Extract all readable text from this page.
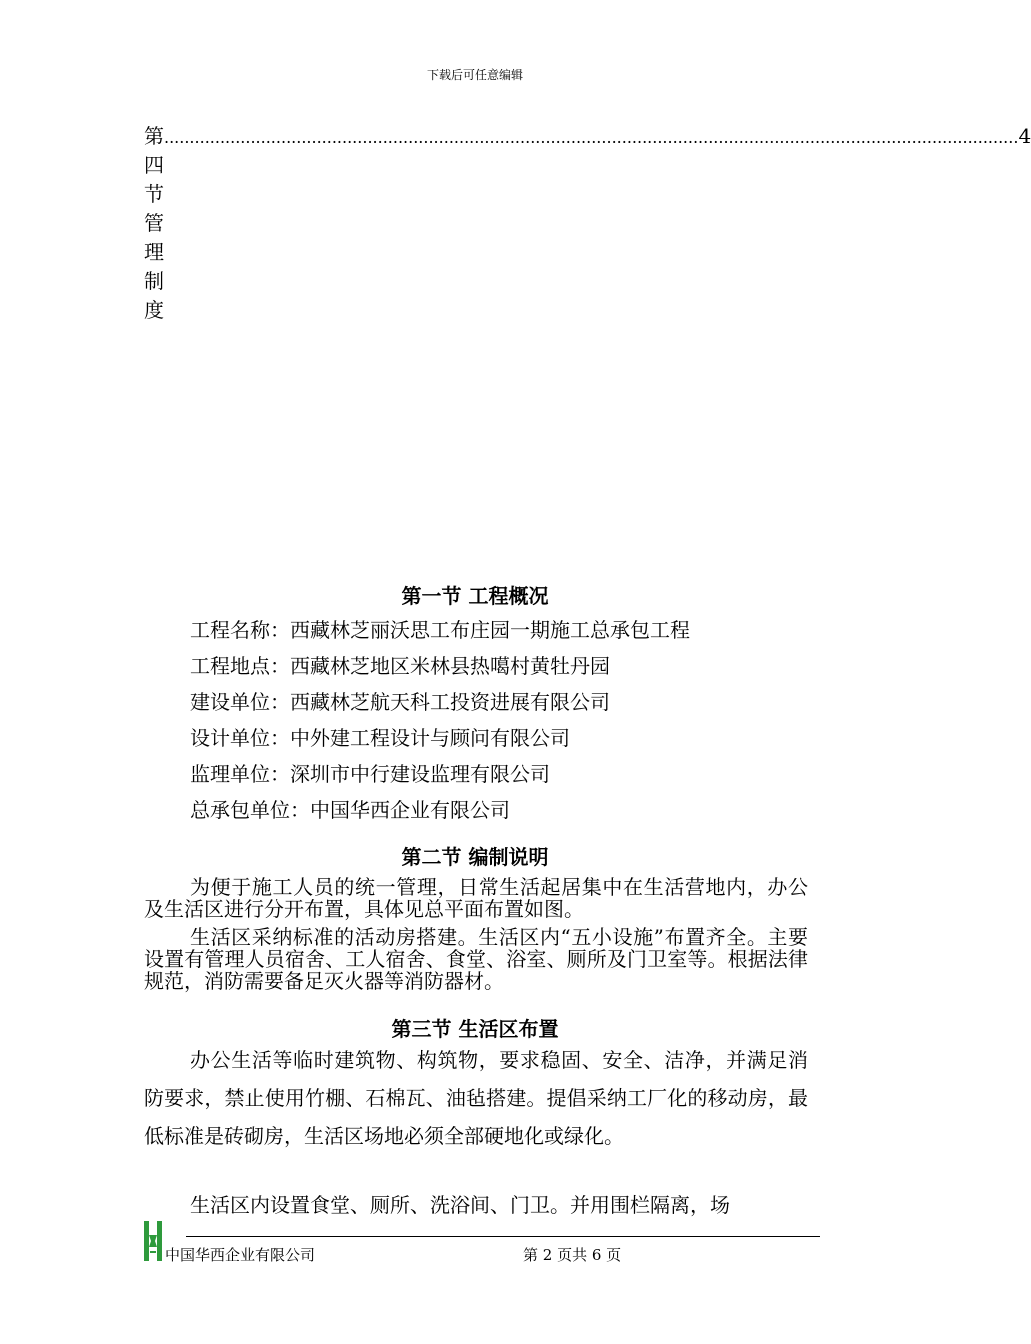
下载后可任意编辑
第四节 管理制度
........................................................................................................................................................................ 4
第一节 工程概况
工程名称：西藏林芝丽沃思工布庄园一期施工总承包工程
工程地点：西藏林芝地区米林县热噶村黄牡丹园
建设单位：西藏林芝航天科工投资进展有限公司
设计单位：中外建工程设计与顾问有限公司
监理单位：深圳市中行建设监理有限公司
总承包单位：中国华西企业有限公司
第二节 编制说明
为便于施工人员的统一管理，日常生活起居集中在生活营地内，办公及生活区进行分开布置，具体见总平面布置如图。
生活区采纳标准的活动房搭建。生活区内“五小设施”布置齐全。主要设置有管理人员宿舍、工人宿舍、食堂、浴室、厕所及门卫室等。根据法律规范，消防需要备足灭火器等消防器材。
第三节 生活区布置
办公生活等临时建筑物、构筑物，要求稳固、安全、洁净，并满足消防要求，禁止使用竹棚、石棉瓦、油毡搭建。提倡采纳工厂化的移动房，最低标准是砖砌房，生活区场地必须全部硬地化或绿化。
生活区内设置食堂、厕所、洗浴间、门卫。并用围栏隔离，场
中国华西企业有限公司	第 2 页共 6 页
